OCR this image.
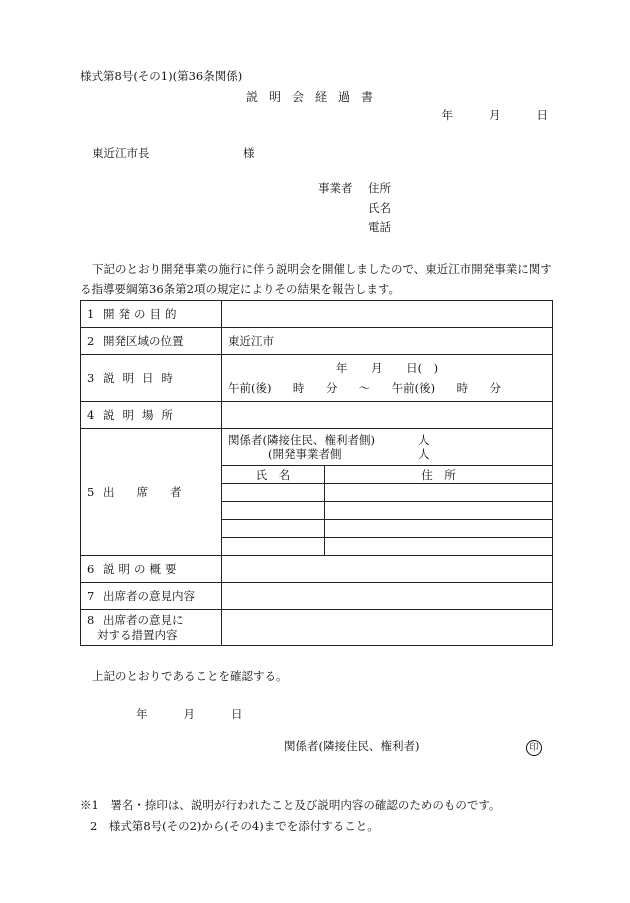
様式第8号(その1)(第36条関係)
説明会経過書
年	月	日
東近江市長	様
事業者 住所
氏名
電話
下記のとおり開発事業の施行に伴う説明会を開催しましたので、東近江市開発事業に関する指導要綱第36条第2項の規定によりその結果を報告します。
1 開発の目的	
2 開発区域の位置	東近江市
3 説明日時	
年 月 日(　)
午前(後) 時 分 ～ 午前(後) 時 分

4 説明場所	
5 出席者	
関係者(隣接住民、権利者側)	人
(開発事業者側	人
氏　名	住　所

6 説明の概要	
7 出席者の意見内容	

8 出席者の意見に
対する措置内容

上記のとおりであることを確認する。
年	月	日
関係者(隣接住民、権利者)	印
※1　署名・捺印は、説明が行われたこと及び説明内容の確認のためのものです。
2　様式第8号(その2)から(その4)までを添付すること。
